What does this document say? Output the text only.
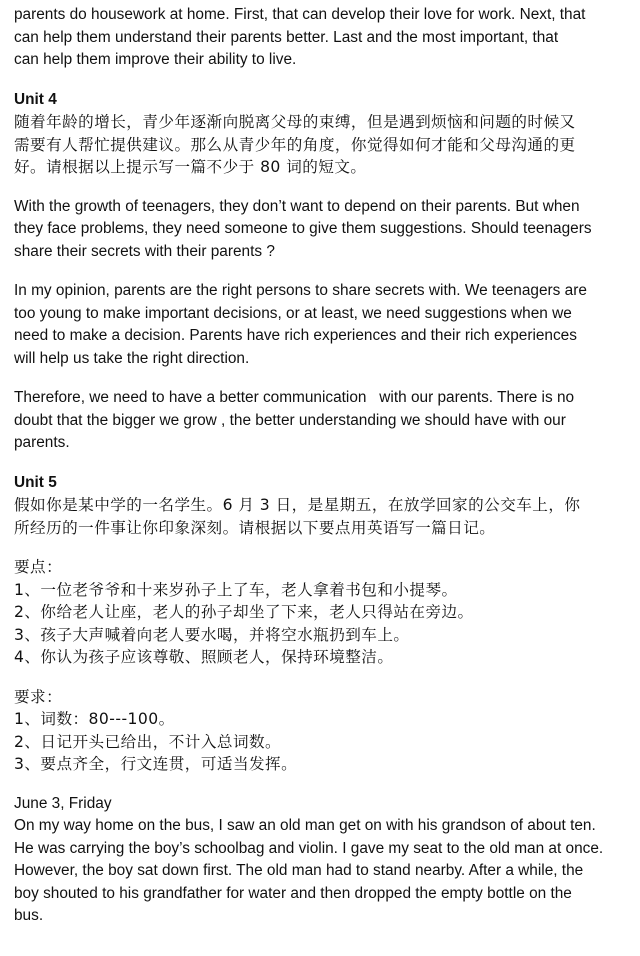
parents do housework at home. First, that can develop their love for work. Next, that
can help them understand their parents better. Last and the most important, that
can help them improve their ability to live.
Unit 4
随着年龄的增长，青少年逐渐向脱离父母的束缚，但是遇到烦恼和问题的时候又
需要有人帮忙提供建议。那么从青少年的角度，你觉得如何才能和父母沟通的更
好。请根据以上提示写一篇不少于 80 词的短文。
With the growth of teenagers, they don’t want to depend on their parents. But when
they face problems, they need someone to give them suggestions. Should teenagers
share their secrets with their parents ?
In my opinion, parents are the right persons to share secrets with. We teenagers are
too young to make important decisions, or at least, we need suggestions when we
need to make a decision. Parents have rich experiences and their rich experiences
will help us take the right direction.
Therefore, we need to have a better communication   with our parents. There is no
doubt that the bigger we grow , the better understanding we should have with our
parents.
Unit 5
假如你是某中学的一名学生。6 月 3 日，是星期五，在放学回家的公交车上，你
所经历的一件事让你印象深刻。请根据以下要点用英语写一篇日记。
要点：
1、一位老爷爷和十来岁孙子上了车，老人拿着书包和小提琴。
2、你给老人让座，老人的孙子却坐了下来，老人只得站在旁边。
3、孩子大声喊着向老人要水喝，并将空水瓶扔到车上。
4、你认为孩子应该尊敬、照顾老人，保持环境整洁。
要求：
1、词数：80---100。
2、日记开头已给出，不计入总词数。
3、要点齐全，行文连贯，可适当发挥。
June 3, Friday
On my way home on the bus, I saw an old man get on with his grandson of about ten.
He was carrying the boy’s schoolbag and violin. I gave my seat to the old man at once.
However, the boy sat down first. The old man had to stand nearby. After a while, the
boy shouted to his grandfather for water and then dropped the empty bottle on the
bus.
